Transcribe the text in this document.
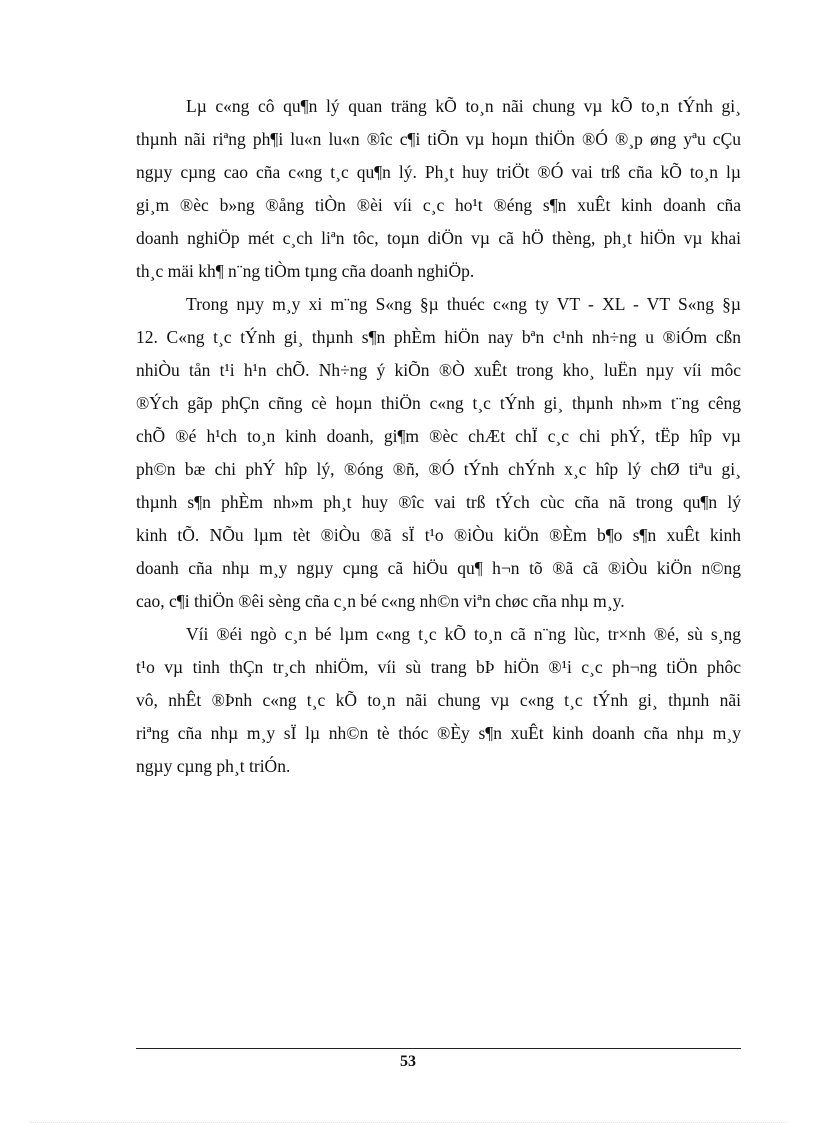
Lµ c«ng cô qu¶n lý quan träng kÕ to¸n nãi chung vµ kÕ to¸n tÝnh gi¸
thµnh nãi riªng ph¶i lu«n lu«n ®îc c¶i tiÕn vµ hoµn thiÖn ®Ó ®¸p øng yªu cÇu
ngµy cµng cao cña c«ng t¸c qu¶n lý. Ph¸t huy triÖt ®Ó vai trß cña kÕ to¸n lµ
gi¸m ®èc b»ng ®ång tiÒn ®èi víi c¸c ho¹t ®éng s¶n xuÊt kinh doanh cña
doanh nghiÖp mét c¸ch liªn tôc, toµn diÖn vµ cã hÖ thèng, ph¸t hiÖn vµ khai
th¸c mäi kh¶ n¨ng tiÒm tµng cña doanh nghiÖp.
Trong nµy m¸y xi m¨ng S«ng §µ thuéc c«ng ty VT - XL - VT S«ng §µ
12. C«ng t¸c tÝnh gi¸ thµnh s¶n phÈm hiÖn nay bªn c¹nh nh÷ng u ®iÓm cßn
nhiÒu tån t¹i h¹n chÕ. Nh÷ng ý kiÕn ®Ò xuÊt trong kho¸ luËn nµy víi môc
®Ých gãp phÇn cñng cè hoµn thiÖn c«ng t¸c tÝnh gi¸ thµnh nh»m t¨ng cêng
chÕ ®é h¹ch to¸n kinh doanh, gi¶m ®èc chÆt chÏ c¸c chi phÝ, tËp hîp vµ
ph©n bæ chi phÝ hîp lý, ®óng ®ñ, ®Ó tÝnh chÝnh x¸c hîp lý chØ tiªu gi¸
thµnh s¶n phÈm nh»m ph¸t huy ®îc vai trß tÝch cùc cña nã trong qu¶n lý
kinh tÕ. NÕu lµm tèt ®iÒu ®ã sÏ t¹o ®iÒu kiÖn ®Èm b¶o s¶n xuÊt kinh
doanh cña nhµ m¸y ngµy cµng cã hiÖu qu¶ h¬n tõ ®ã cã ®iÒu kiÖn n©ng
cao, c¶i thiÖn ®êi sèng cña c¸n bé c«ng nh©n viªn chøc cña nhµ m¸y.
Víi ®éi ngò c¸n bé lµm c«ng t¸c kÕ to¸n cã n¨ng lùc, tr×nh ®é, sù s¸ng
t¹o vµ tinh thÇn tr¸ch nhiÖm, víi sù trang bÞ hiÖn ®¹i c¸c ph¬ng tiÖn phôc
vô, nhÊt ®Þnh c«ng t¸c kÕ to¸n nãi chung vµ c«ng t¸c tÝnh gi¸ thµnh nãi
riªng cña nhµ m¸y sÏ lµ nh©n tè thóc ®Èy s¶n xuÊt kinh doanh cña nhµ m¸y
ngµy cµng ph¸t triÓn.
53
